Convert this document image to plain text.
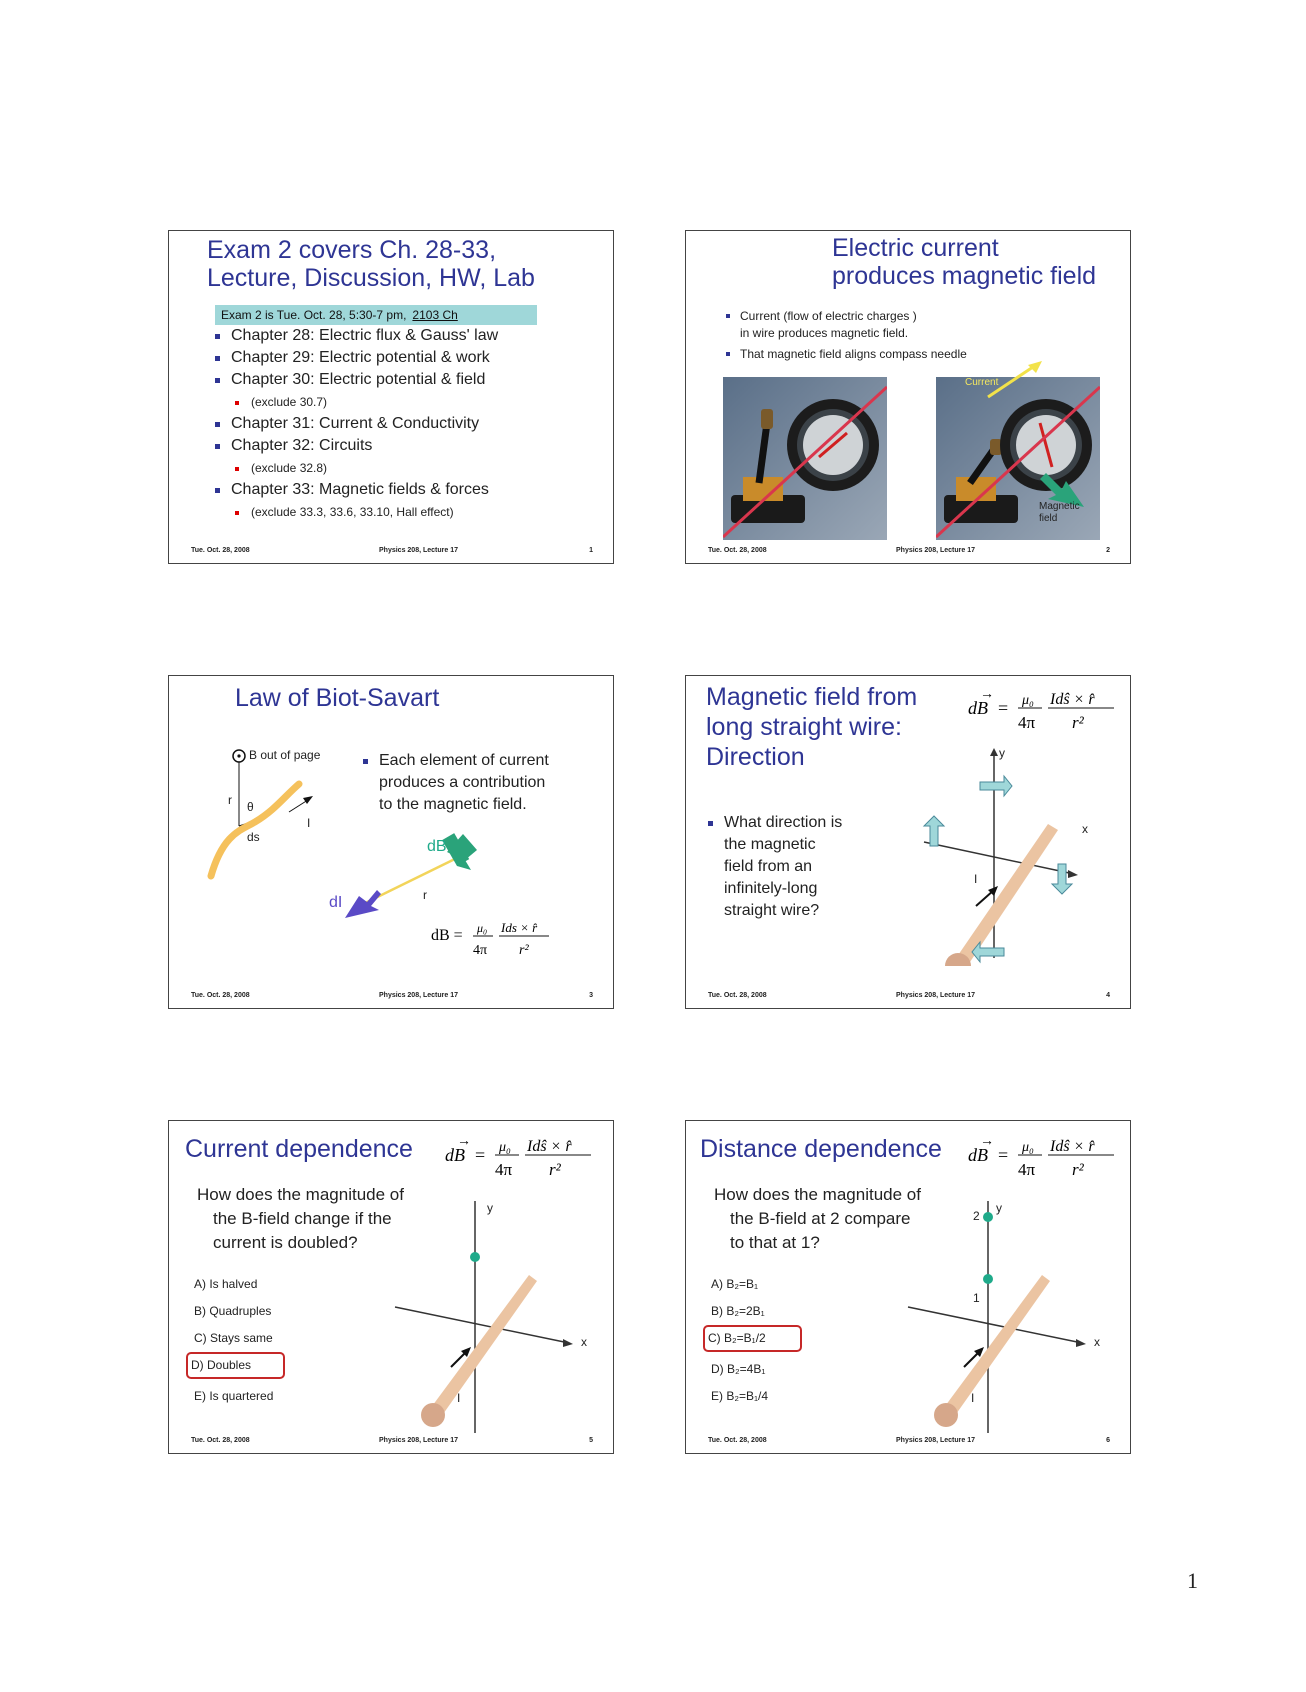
Exam 2 covers Ch. 28-33,
Lecture, Discussion, HW, Lab
Exam 2 is Tue. Oct. 28, 5:30-7 pm, 2103 Ch
Chapter 28: Electric flux & Gauss' law
Chapter 29: Electric potential & work
Chapter 30: Electric potential & field
(exclude 30.7)
Chapter 31: Current & Conductivity
Chapter 32: Circuits
(exclude 32.8)
Chapter 33: Magnetic fields & forces
(exclude 33.3, 33.6, 33.10, Hall effect)
Tue. Oct. 28, 2008	Physics 208, Lecture 17	1
Electric current
produces magnetic field
Current (flow of electric charges )
in wire produces magnetic field.
That magnetic field aligns compass needle
Current
Magnetic
field
Tue. Oct. 28, 2008	Physics 208, Lecture 17	2
Law of Biot-Savart
B out of page
r θ
ds
I
Each element of current
produces a contribution
to the magnetic field.
dB
dI	r
dB = μ₀
4π
Ids × r̂
r²
Tue. Oct. 28, 2008	Physics 208, Lecture 17	3
Magnetic field from
long straight wire:
Direction
dB
→
= μ₀
4π
Idŝ × r̂
r²
What direction is
the magnetic
field from an
infinitely-long
straight wire?
y
x
I
Tue. Oct. 28, 2008	Physics 208, Lecture 17	4
Current dependence dB
→
= μ₀
4π
Idŝ × r̂
r²
How does the magnitude of
the B-field change if the
current is doubled?
A) Is halved
B) Quadruples
C) Stays same
D) Doubles
E) Is quartered
y
x
I
Tue. Oct. 28, 2008	Physics 208, Lecture 17	5
Distance dependence dB
→
= μ₀
4π
Idŝ × r̂
r²
How does the magnitude of
the B-field at 2 compare
to that at 1?
A) B₂=B₁
B) B₂=2B₁
C) B₂=B₁/2
D) B₂=4B₁
E) B₂=B₁/4
y
2
1
x
I
Tue. Oct. 28, 2008	Physics 208, Lecture 17	6
1
